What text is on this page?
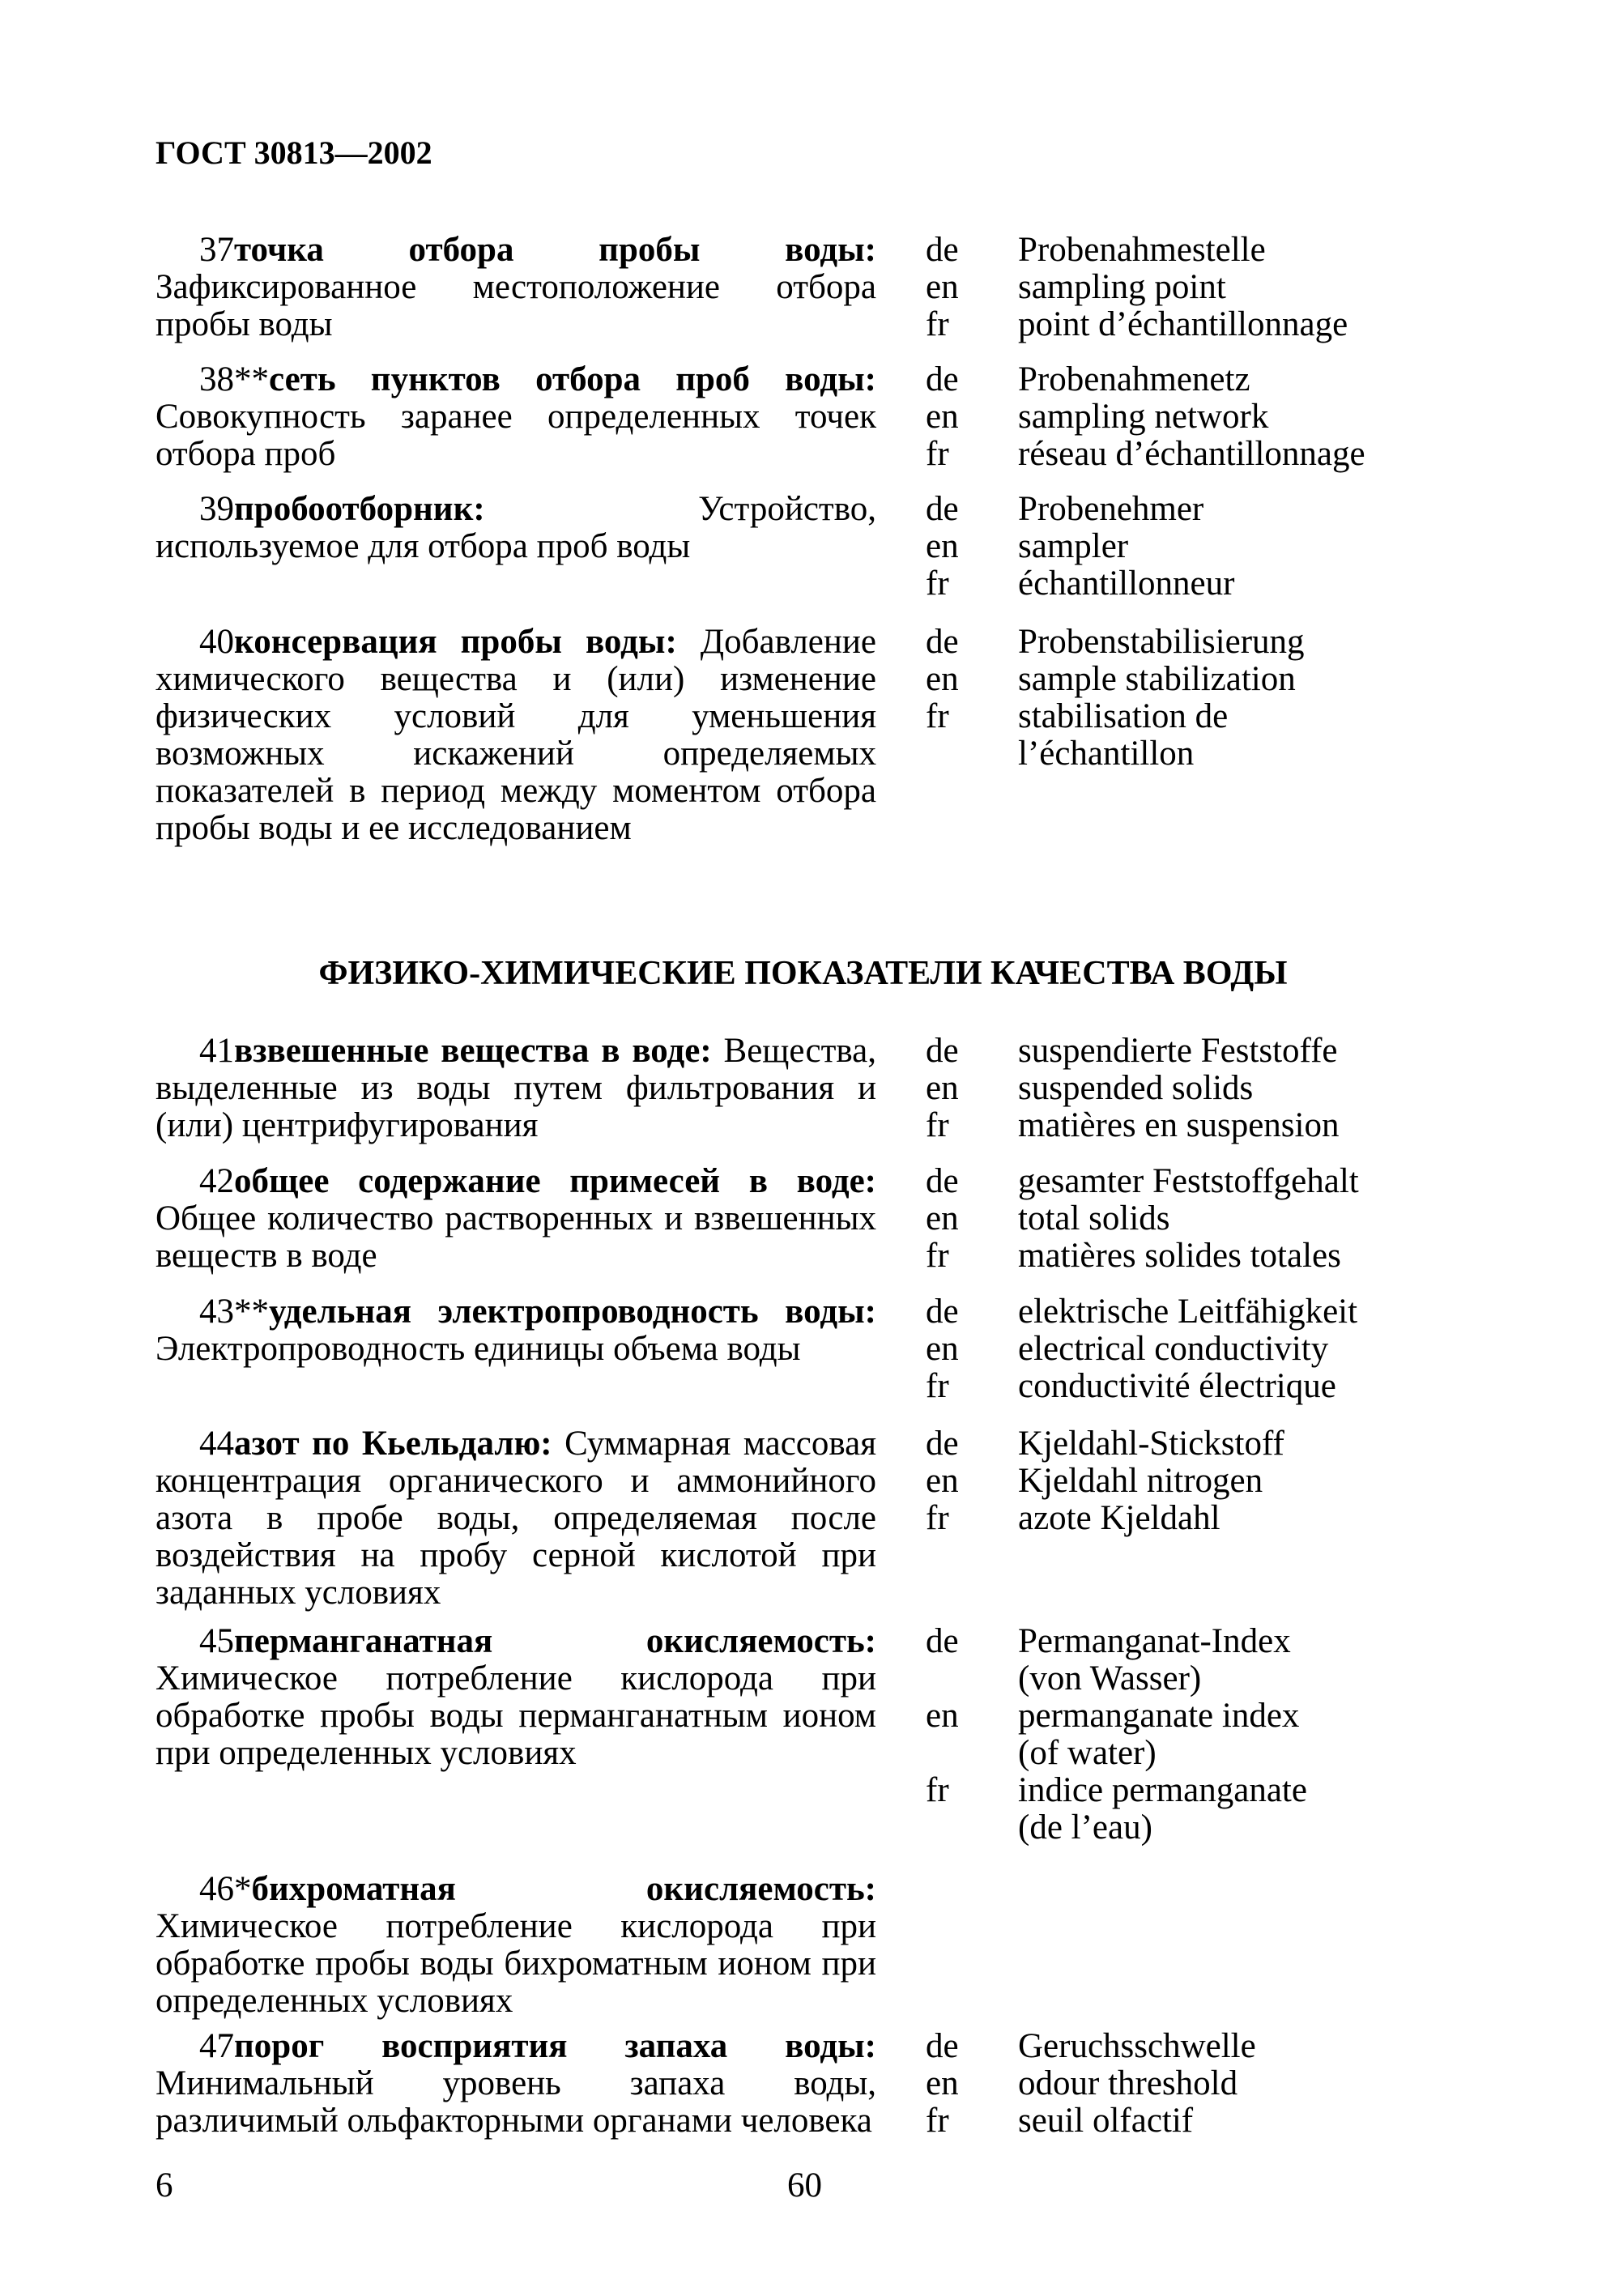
ГОСТ 30813—2002
37точка отбора пробы воды: Зафиксированное местоположение отбора пробы воды
de
en
fr
Probenahmestelle
sampling point
point d’échantillonnage
38**сеть пунктов отбора проб воды: Совокупность заранее определенных точек отбора проб
de
en
fr
Probenahmenetz
sampling network
réseau d’échantillonnage
39пробоотборник: Устройство, используемое для отбора проб воды
de
en
fr
Probenehmer
sampler
échantillonneur
40консервация пробы воды: Добавление химического вещества и (или) изменение физических условий для уменьшения возможных искажений определяемых показателей в период между моментом отбора пробы воды и ее исследованием
de
en
fr
Probenstabilisierung
sample stabilization
stabilisation de
l’échantillon
ФИЗИКО-ХИМИЧЕСКИЕ ПОКАЗАТЕЛИ КАЧЕСТВА ВОДЫ
41взвешенные вещества в воде: Вещества, выделенные из воды путем фильтрования и (или) центрифугирования
de
en
fr
suspendierte Feststoffe
suspended solids
matières en suspension
42общее содержание примесей в воде: Общее количество растворенных и взвешенных веществ в воде
de
en
fr
gesamter Feststoffgehalt
total solids
matières solides totales
43**удельная электропроводность воды: Электропроводность единицы объема воды
de
en
fr
elektrische Leitfähigkeit
electrical conductivity
conductivité électrique
44азот по Кьельдалю: Суммарная массовая концентрация органического и аммонийного азота в пробе воды, определяемая после воздействия на пробу серной кислотой при заданных условиях
de
en
fr
Kjeldahl-Stickstoff
Kjeldahl nitrogen
azote Kjeldahl
45перманганатная окисляемость: Химическое потребление кислорода при обработке пробы воды перманганатным ионом при определенных условиях
de
en
fr
Permanganat-Index
(von Wasser)
permanganate index
(of water)
indice permanganate
(de l’eau)
46*бихроматная окисляемость: Химическое потребление кислорода при обработке пробы воды бихроматным ионом при определенных условиях
47порог восприятия запаха воды: Минимальный уровень запаха воды, различимый ольфакторными органами человека
de
en
fr
Geruchsschwelle
odour threshold
seuil olfactif
6	60
